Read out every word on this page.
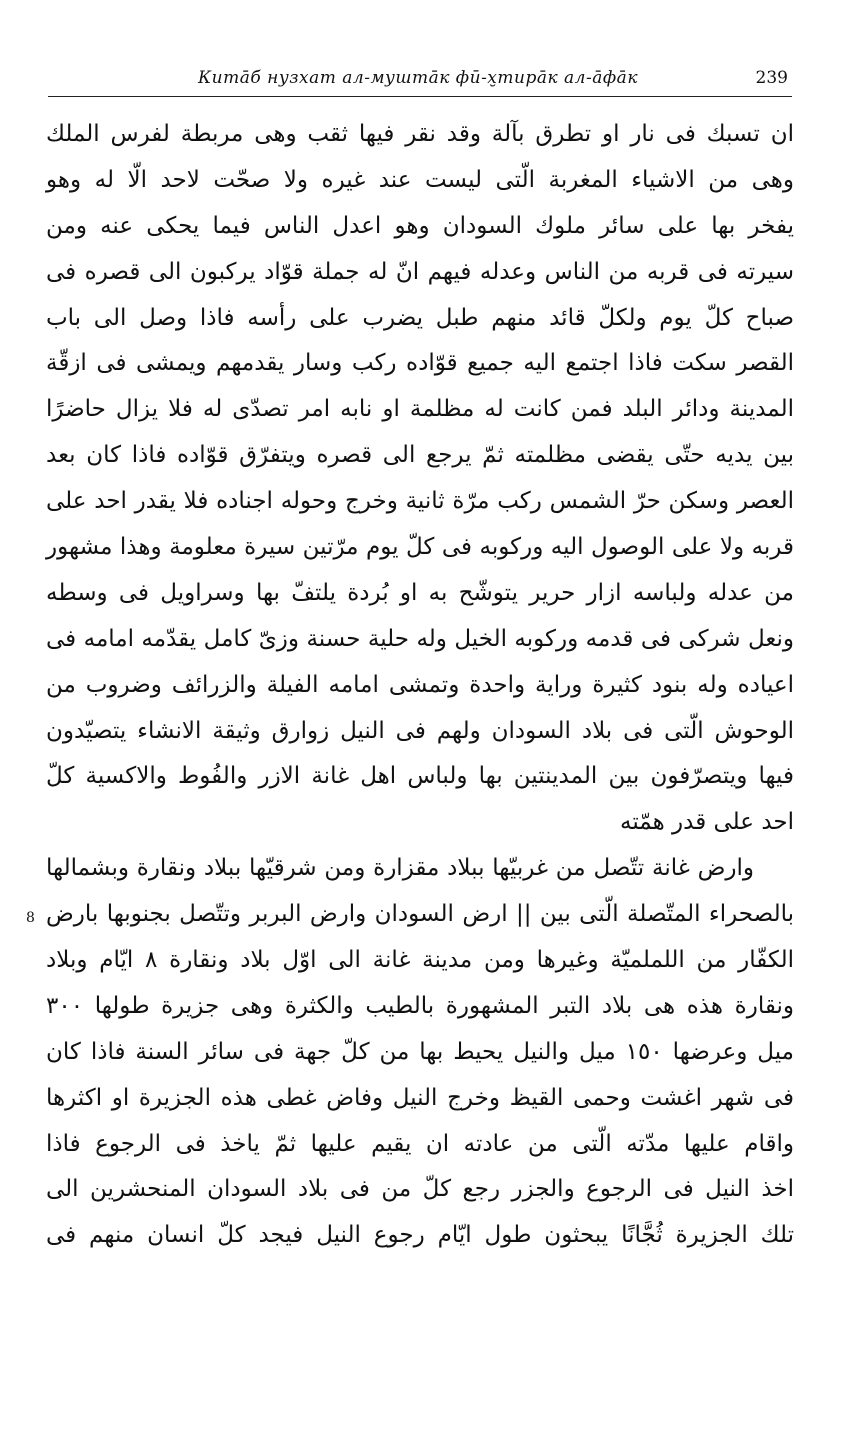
Китāб нузхат ал-муштāк фӣ-х̮тирāк ал-āфāк	239
8
ان تسبك فى نار او تطرق بآلة وقد نقر فيها ثقب وهى مربطة لفرس الملك
وهى من الاشياء المغربة الّتى ليست عند غيره ولا صحّت لاحد الّا له وهو
يفخر بها على سائر ملوك السودان وهو اعدل الناس فيما يحكى عنه ومن
سيرته فى قربه من الناس وعدله فيهم انّ له جملة قوّاد يركبون الى قصره فى
صباح كلّ يوم ولكلّ قائد منهم طبل يضرب على رأسه فاذا وصل الى باب
القصر سكت فاذا اجتمع اليه جميع قوّاده ركب وسار يقدمهم ويمشى فى ازقّة
المدينة ودائر البلد فمن كانت له مظلمة او نابه امر تصدّى له فلا يزال حاضرًا
بين يديه حتّى يقضى مظلمته ثمّ يرجع الى قصره ويتفرّق قوّاده فاذا كان بعد
العصر وسكن حرّ الشمس ركب مرّة ثانية وخرج وحوله اجناده فلا يقدر احد على
قربه ولا على الوصول اليه وركوبه فى كلّ يوم مرّتين سيرة معلومة وهذا مشهور
من عدله ولباسه ازار حرير يتوشّح به او بُردة يلتفّ بها وسراويل فى وسطه
ونعل شركى فى قدمه وركوبه الخيل وله حلية حسنة وزىّ كامل يقدّمه امامه فى
اعياده وله بنود كثيرة وراية واحدة وتمشى امامه الفيلة والزرائف وضروب من
الوحوش الّتى فى بلاد السودان ولهم فى النيل زوارق وثيقة الانشاء يتصيّدون
فيها ويتصرّفون بين المدينتين بها ولباس اهل غانة الازر والفُوط والاكسية كلّ
احد على قدر همّته
وارض غانة تتّصل من غربيّها ببلاد مقزارة ومن شرقيّها ببلاد ونقارة وبشمالها
بالصحراء المتّصلة الّتى بين || ارض السودان وارض البربر وتتّصل بجنوبها بارض
الكفّار من اللملميّة وغيرها ومن مدينة غانة الى اوّل بلاد ونقارة ٨ ايّام وبلاد
ونقارة هذه هى بلاد التبر المشهورة بالطيب والكثرة وهى جزيرة طولها ٣٠٠
ميل وعرضها ١٥٠ ميل والنيل يحيط بها من كلّ جهة فى سائر السنة فاذا كان
فى شهر اغشت وحمى القيظ وخرج النيل وفاض غطى هذه الجزيرة او اكثرها
واقام عليها مدّته الّتى من عادته ان يقيم عليها ثمّ ياخذ فى الرجوع فاذا
اخذ النيل فى الرجوع والجزر رجع كلّ من فى بلاد السودان المنحشرين الى
تلك الجزيرة ثُجَّانًا يبحثون طول ايّام رجوع النيل فيجد كلّ انسان منهم فى
